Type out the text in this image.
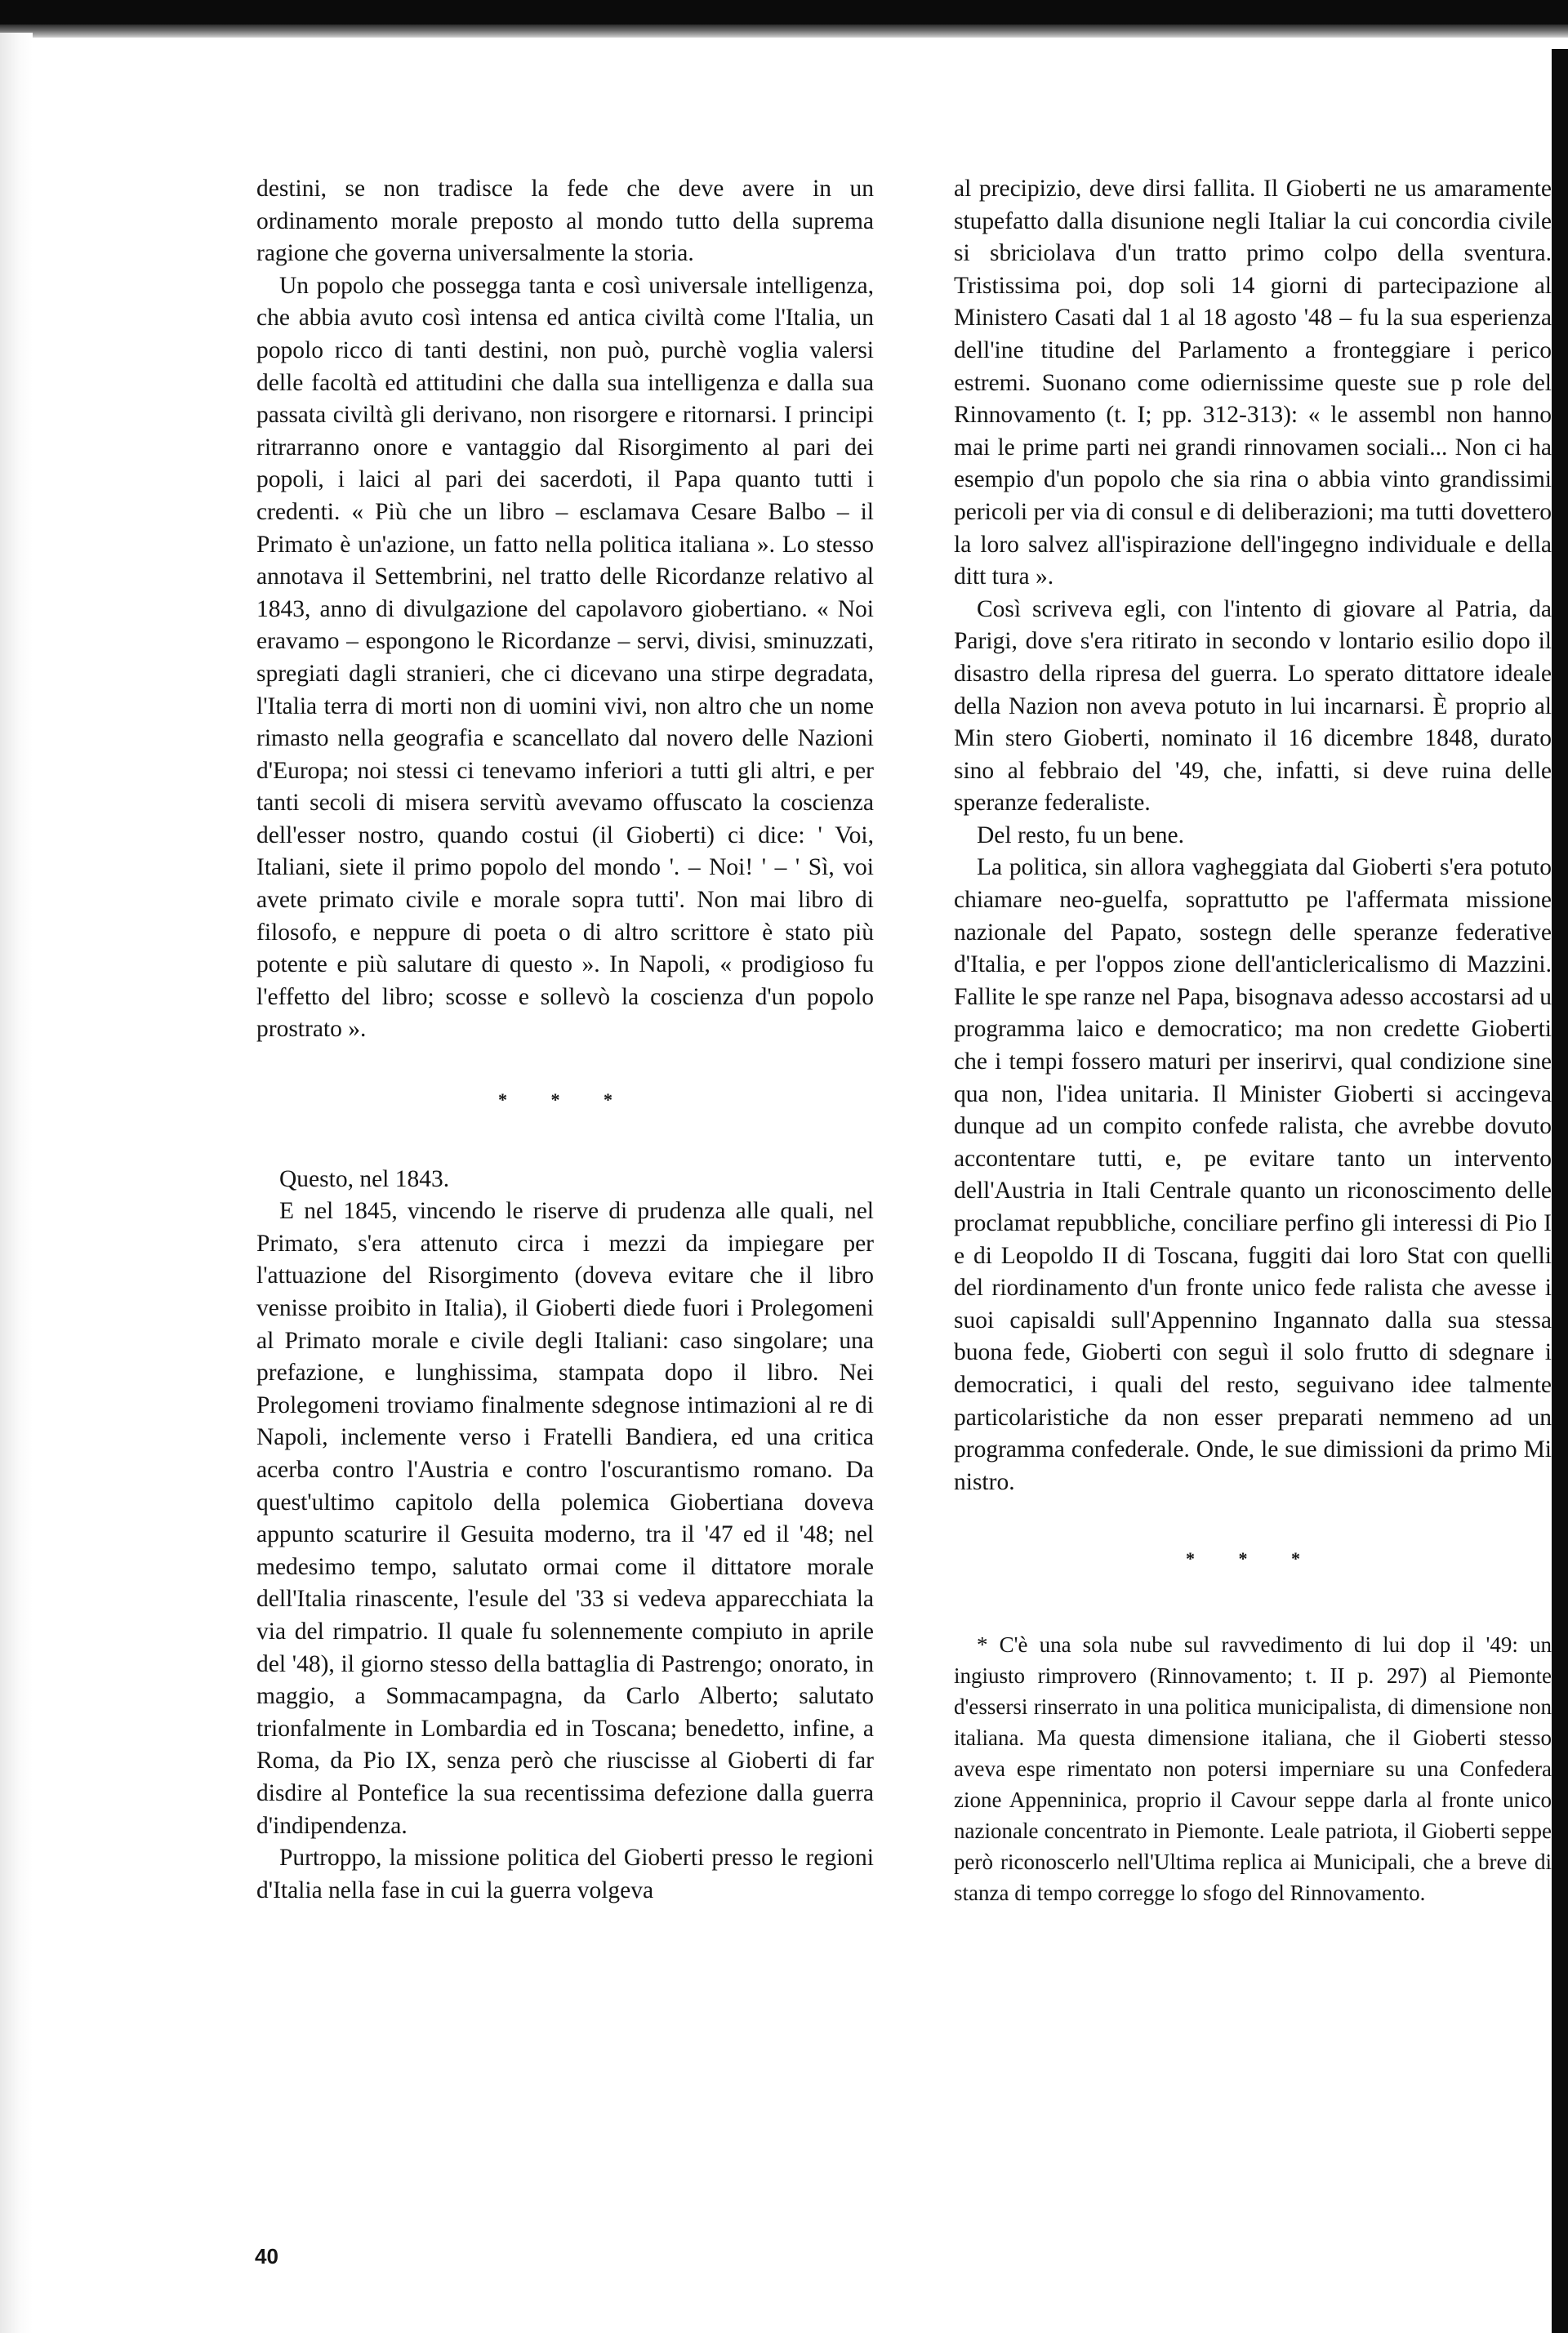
destini, se non tradisce la fede che deve avere in un ordinamento morale preposto al mondo tutto della suprema ragione che governa universalmente la storia.

Un popolo che possegga tanta e così universale intelligenza, che abbia avuto così intensa ed antica civiltà come l'Italia, un popolo ricco di tanti destini, non può, purchè voglia valersi delle facoltà ed attitudini che dalla sua intelligenza e dalla sua passata civiltà gli derivano, non risorgere e ritornarsi. I principi ritrarranno onore e vantaggio dal Risorgimento al pari dei popoli, i laici al pari dei sacerdoti, il Papa quanto tutti i credenti. « Più che un libro – esclamava Cesare Balbo – il Primato è un'azione, un fatto nella politica italiana ». Lo stesso annotava il Settembrini, nel tratto delle Ricordanze relativo al 1843, anno di divulgazione del capolavoro giobertiano. « Noi eravamo – espongono le Ricordanze – servi, divisi, sminuzzati, spregiati dagli stranieri, che ci dicevano una stirpe degradata, l'Italia terra di morti non di uomini vivi, non altro che un nome rimasto nella geografia e scancellato dal novero delle Nazioni d'Europa; noi stessi ci tenevamo inferiori a tutti gli altri, e per tanti secoli di misera servitù avevamo offuscato la coscienza dell'esser nostro, quando costui (il Gioberti) ci dice: ' Voi, Italiani, siete il primo popolo del mondo '. – Noi! ' – ' Sì, voi avete primato civile e morale sopra tutti'. Non mai libro di filosofo, e neppure di poeta o di altro scrittore è stato più potente e più salutare di questo ». In Napoli, « prodigioso fu l'effetto del libro; scosse e sollevò la coscienza d'un popolo prostrato ».

* * *

Questo, nel 1843.

E nel 1845, vincendo le riserve di prudenza alle quali, nel Primato, s'era attenuto circa i mezzi da impiegare per l'attuazione del Risorgimento (doveva evitare che il libro venisse proibito in Italia), il Gioberti diede fuori i Prolegomeni al Primato morale e civile degli Italiani: caso singolare; una prefazione, e lunghissima, stampata dopo il libro. Nei Prolegomeni troviamo finalmente sdegnose intimazioni al re di Napoli, inclemente verso i Fratelli Bandiera, ed una critica acerba contro l'Austria e contro l'oscurantismo romano. Da quest'ultimo capitolo della polemica Giobertiana doveva appunto scaturire il Gesuita moderno, tra il '47 ed il '48; nel medesimo tempo, salutato ormai come il dittatore morale dell'Italia rinascente, l'esule del '33 si vedeva apparecchiata la via del rimpatrio. Il quale fu solennemente compiuto in aprile del '48), il giorno stesso della battaglia di Pastrengo; onorato, in maggio, a Sommacampagna, da Carlo Alberto; salutato trionfalmente in Lombardia ed in Toscana; benedetto, infine, a Roma, da Pio IX, senza però che riuscisse al Gioberti di far disdire al Pontefice la sua recentissima defezione dalla guerra d'indipendenza.

Purtroppo, la missione politica del Gioberti presso le regioni d'Italia nella fase in cui la guerra volgeva

al precipizio, deve dirsi fallita. Il Gioberti ne us amaramente stupefatto dalla disunione negli Italiar la cui concordia civile si sbriciolava d'un tratto primo colpo della sventura. Tristissima poi, dop soli 14 giorni di partecipazione al Ministero Casati dal 1 al 18 agosto '48 – fu la sua esperienza dell'ine titudine del Parlamento a fronteggiare i perico estremi. Suonano come odiernissime queste sue p role del Rinnovamento (t. I; pp. 312-313): « le assembl non hanno mai le prime parti nei grandi rinnovamen sociali... Non ci ha esempio d'un popolo che sia rina o abbia vinto grandissimi pericoli per via di consul e di deliberazioni; ma tutti dovettero la loro salvez all'ispirazione dell'ingegno individuale e della ditt tura ».

Così scriveva egli, con l'intento di giovare al Patria, da Parigi, dove s'era ritirato in secondo v lontario esilio dopo il disastro della ripresa del guerra. Lo sperato dittatore ideale della Nazion non aveva potuto in lui incarnarsi. È proprio al Min stero Gioberti, nominato il 16 dicembre 1848, durato sino al febbraio del '49, che, infatti, si deve ruina delle speranze federaliste.

Del resto, fu un bene.

La politica, sin allora vagheggiata dal Gioberti s'era potuto chiamare neo-guelfa, soprattutto pe l'affermata missione nazionale del Papato, sostegn delle speranze federative d'Italia, e per l'oppos zione dell'anticlericalismo di Mazzini. Fallite le spe ranze nel Papa, bisognava adesso accostarsi ad u programma laico e democratico; ma non credette Gioberti che i tempi fossero maturi per inserirvi, qual condizione sine qua non, l'idea unitaria. Il Minister Gioberti si accingeva dunque ad un compito confede ralista, che avrebbe dovuto accontentare tutti, e, pe evitare tanto un intervento dell'Austria in Itali Centrale quanto un riconoscimento delle proclamat repubbliche, conciliare perfino gli interessi di Pio I e di Leopoldo II di Toscana, fuggiti dai loro Stat con quelli del riordinamento d'un fronte unico fede ralista che avesse i suoi capisaldi sull'Appennino Ingannato dalla sua stessa buona fede, Gioberti con seguì il solo frutto di sdegnare i democratici, i quali del resto, seguivano idee talmente particolaristiche da non esser preparati nemmeno ad un programma confederale. Onde, le sue dimissioni da primo Mi nistro.

* * *

* C'è una sola nube sul ravvedimento di lui dop il '49: un ingiusto rimprovero (Rinnovamento; t. II p. 297) al Piemonte d'essersi rinserrato in una politica municipalista, di dimensione non italiana. Ma questa dimensione italiana, che il Gioberti stesso aveva espe rimentato non potersi imperniare su una Confedera zione Appenninica, proprio il Cavour seppe darla al fronte unico nazionale concentrato in Piemonte. Leale patriota, il Gioberti seppe però riconoscerlo nell'Ultima replica ai Municipali, che a breve di stanza di tempo corregge lo sfogo del Rinnovamento.

40
